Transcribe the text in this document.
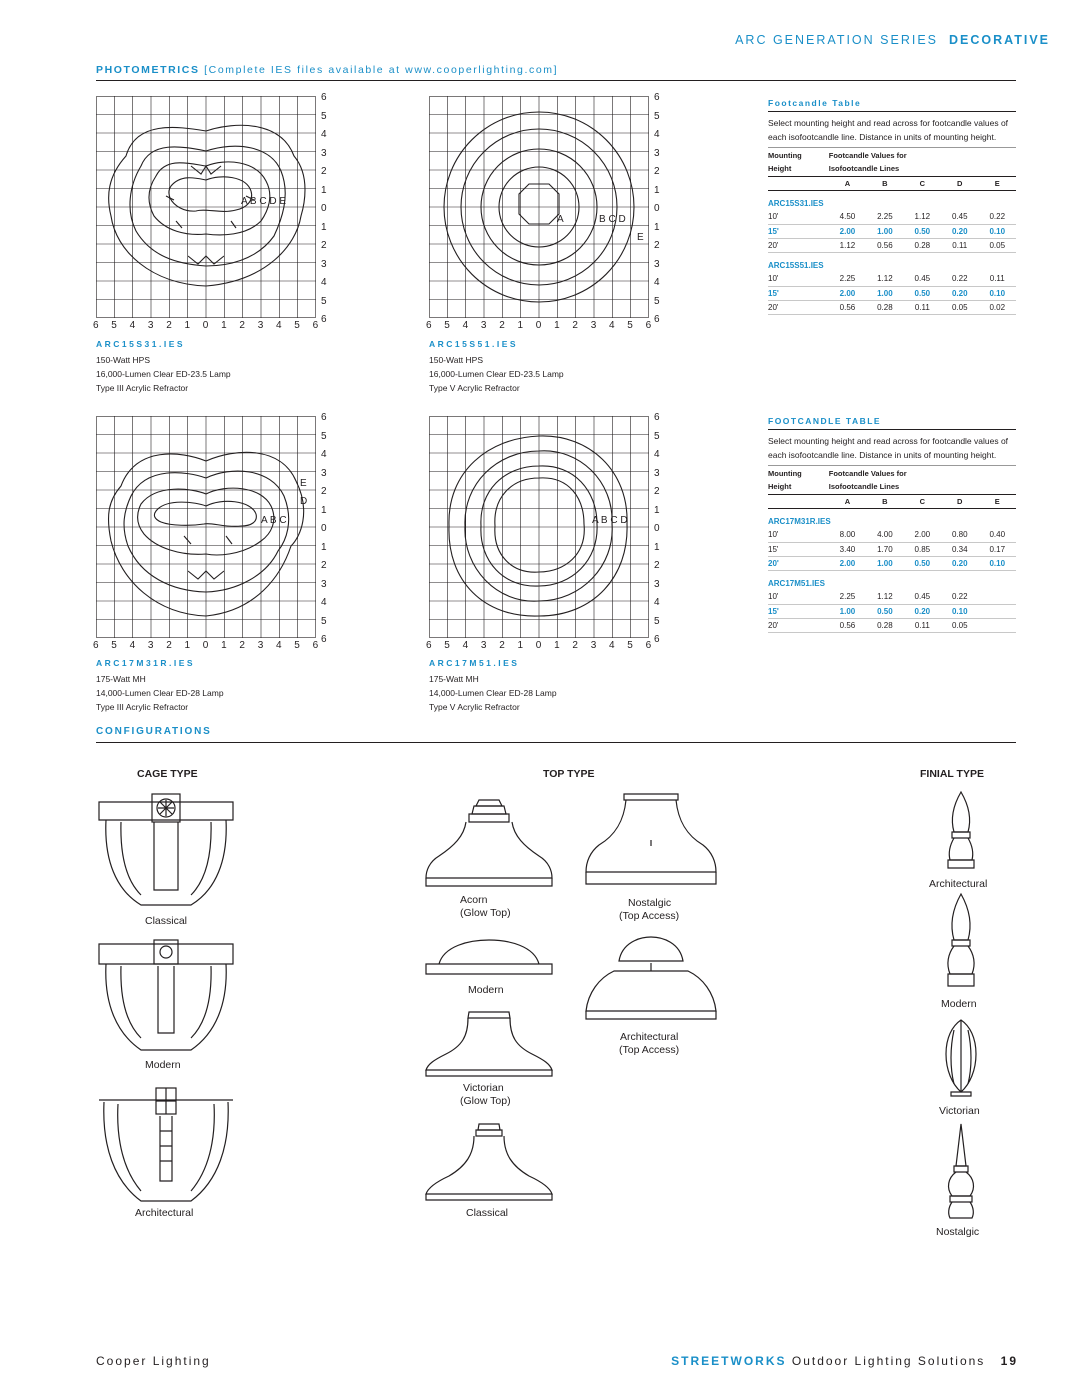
ARC GENERATION SERIES DECORATIVE
PHOTOMETRICS [Complete IES files available at www.cooperlighting.com]
A B C D E
A	B C D
E
E
D
A B C	A B C D
6
5
4
3
2
1
0
1
2
3
4
5
6
6 5 4 3 2 1 0 1 2 3 4 5 6
6
5
4
3
2
1
0
1
2
3
4
5
6
6 5 4 3 2 1 0 1 2 3 4 5 6
6
5
4
3
2
1
0
1
2
3
4
5
6
6 5 4 3 2 1 0 1 2 3 4 5 6
6
5
4
3
2
1
0
1
2
3
4
5
6
6 5 4 3 2 1 0 1 2 3 4 5 6
ARC15S31.IES
150-Watt HPS
16,000-Lumen Clear ED-23.5 Lamp
Type III Acrylic Refractor
ARC15S51.IES
150-Watt HPS
16,000-Lumen Clear ED-23.5 Lamp
Type V Acrylic Refractor
ARC17M31R.IES
175-Watt MH
14,000-Lumen Clear ED-28 Lamp
Type III Acrylic Refractor
ARC17M51.IES
175-Watt MH
14,000-Lumen Clear ED-28 Lamp
Type V Acrylic Refractor
Footcandle Table
Select mounting height and read across for footcandle values of each isofootcandle line. Distance in units of mounting height.
Mounting	Footcandle Values for				
Height	Isofootcandle Lines				
	A	B	C	D	E
ARC15S31.IES					
10'	4.50	2.25	1.12	0.45	0.22
15'	2.00	1.00	0.50	0.20	0.10
20'	1.12	0.56	0.28	0.11	0.05
ARC15S51.IES					
10'	2.25	1.12	0.45	0.22	0.11
15'	2.00	1.00	0.50	0.20	0.10
20'	0.56	0.28	0.11	0.05	0.02
FOOTCANDLE TABLE
Select mounting height and read across for footcandle values of each isofootcandle line. Distance in units of mounting height.
Mounting	Footcandle Values for				
Height	Isofootcandle Lines				
	A	B	C	D	E
ARC17M31R.IES					
10'	8.00	4.00	2.00	0.80	0.40
15'	3.40	1.70	0.85	0.34	0.17
20'	2.00	1.00	0.50	0.20	0.10
ARC17M51.IES					
10'	2.25	1.12	0.45	0.22	
15'	1.00	0.50	0.20	0.10	
20'	0.56	0.28	0.11	0.05	
CONFIGURATIONS
CAGE TYPE	TOP TYPE	FINIAL TYPE
Classical
Modern
Architectural
Acorn
(Glow Top)
Nostalgic
(Top Access)
Modern
Architectural
(Top Access)
Victorian
(Glow Top)
Classical
Architectural
Modern
Victorian
Nostalgic
Cooper Lighting	STREETWORKS Outdoor Lighting Solutions 19
